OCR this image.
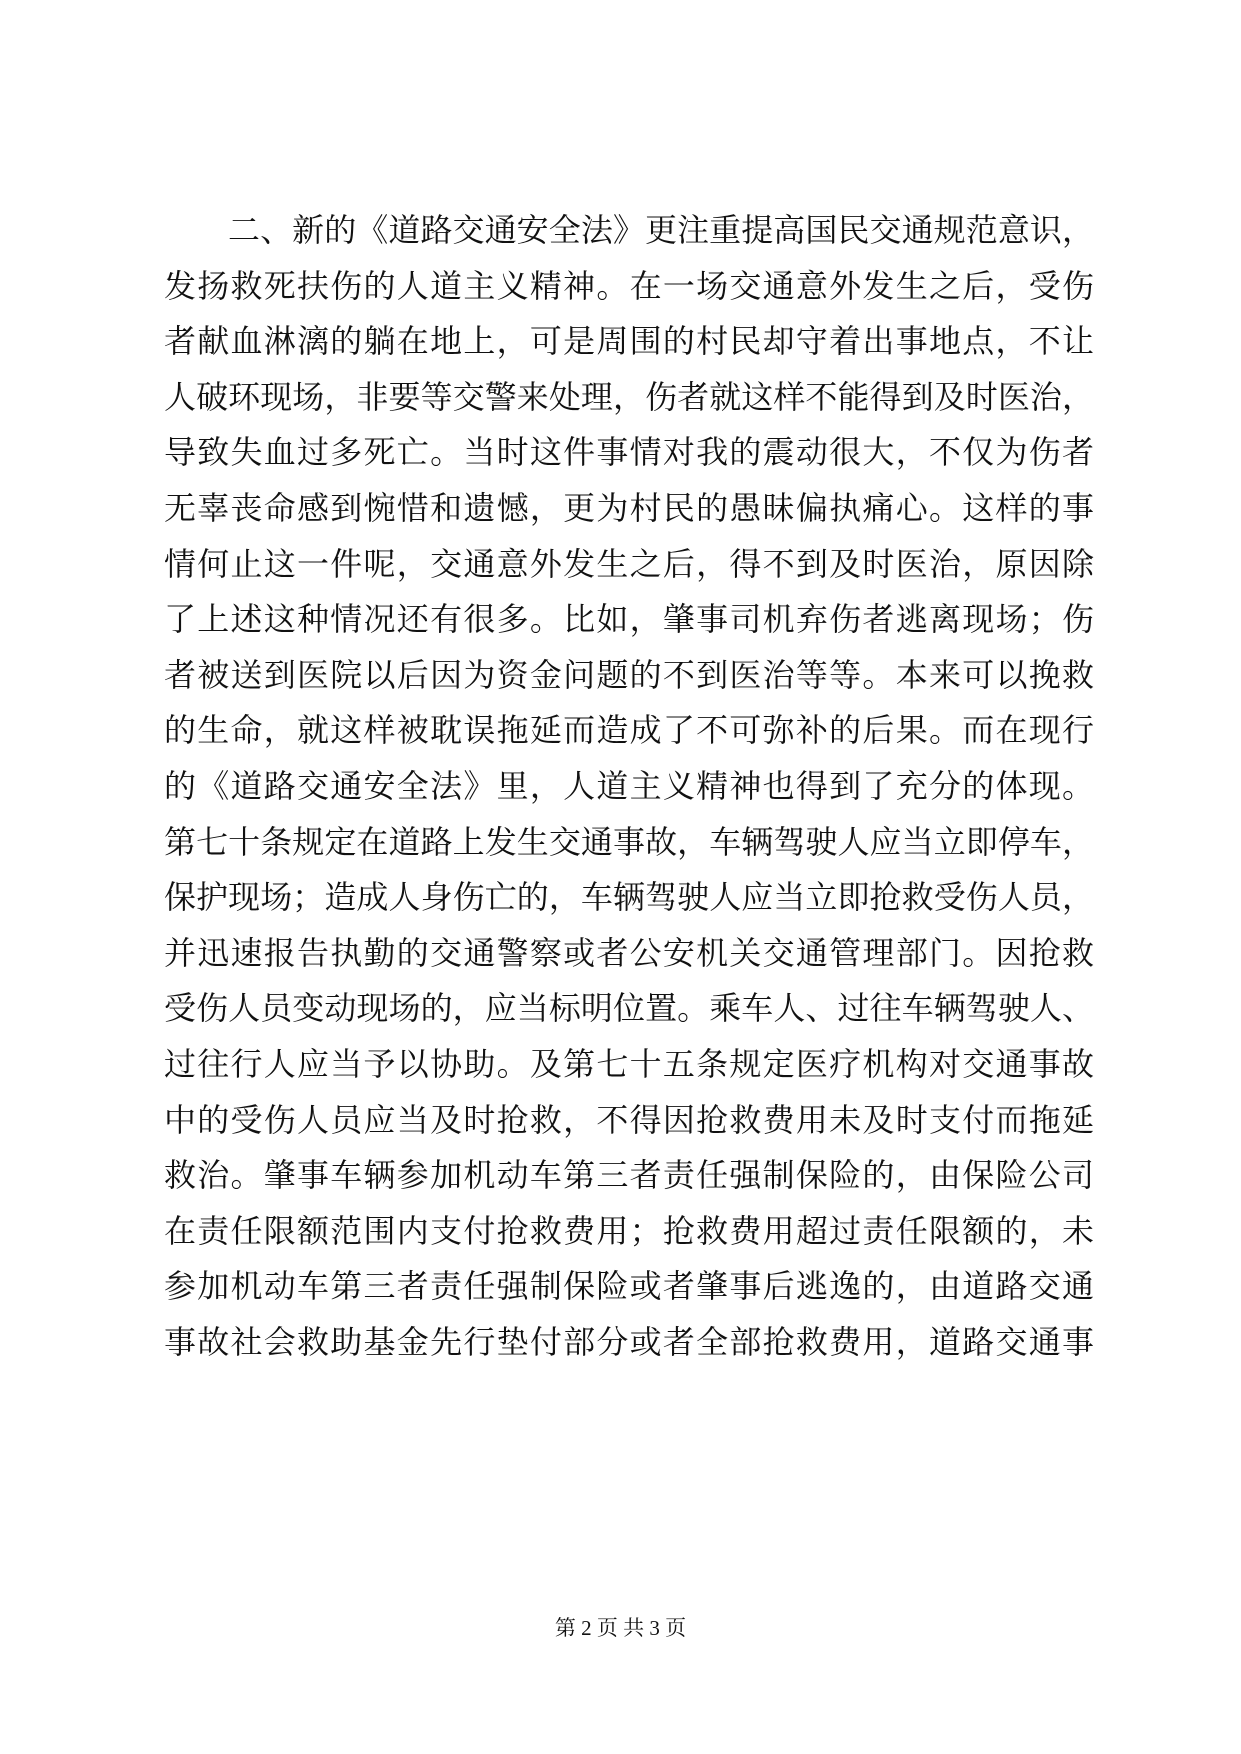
二、新的《道路交通安全法》更注重提高国民交通规范意识，
发扬救死扶伤的人道主义精神。在一场交通意外发生之后，受伤
者献血淋漓的躺在地上，可是周围的村民却守着出事地点，不让
人破环现场，非要等交警来处理，伤者就这样不能得到及时医治，
导致失血过多死亡。当时这件事情对我的震动很大，不仅为伤者
无辜丧命感到惋惜和遗憾，更为村民的愚昧偏执痛心。这样的事
情何止这一件呢，交通意外发生之后，得不到及时医治，原因除
了上述这种情况还有很多。比如，肇事司机弃伤者逃离现场；伤
者被送到医院以后因为资金问题的不到医治等等。本来可以挽救
的生命，就这样被耽误拖延而造成了不可弥补的后果。而在现行
的《道路交通安全法》里，人道主义精神也得到了充分的体现。
第七十条规定在道路上发生交通事故，车辆驾驶人应当立即停车，
保护现场；造成人身伤亡的，车辆驾驶人应当立即抢救受伤人员，
并迅速报告执勤的交通警察或者公安机关交通管理部门。因抢救
受伤人员变动现场的，应当标明位置。乘车人、过往车辆驾驶人、
过往行人应当予以协助。及第七十五条规定医疗机构对交通事故
中的受伤人员应当及时抢救，不得因抢救费用未及时支付而拖延
救治。肇事车辆参加机动车第三者责任强制保险的，由保险公司
在责任限额范围内支付抢救费用；抢救费用超过责任限额的，未
参加机动车第三者责任强制保险或者肇事后逃逸的，由道路交通
事故社会救助基金先行垫付部分或者全部抢救费用，道路交通事

第 2 页 共 3 页
